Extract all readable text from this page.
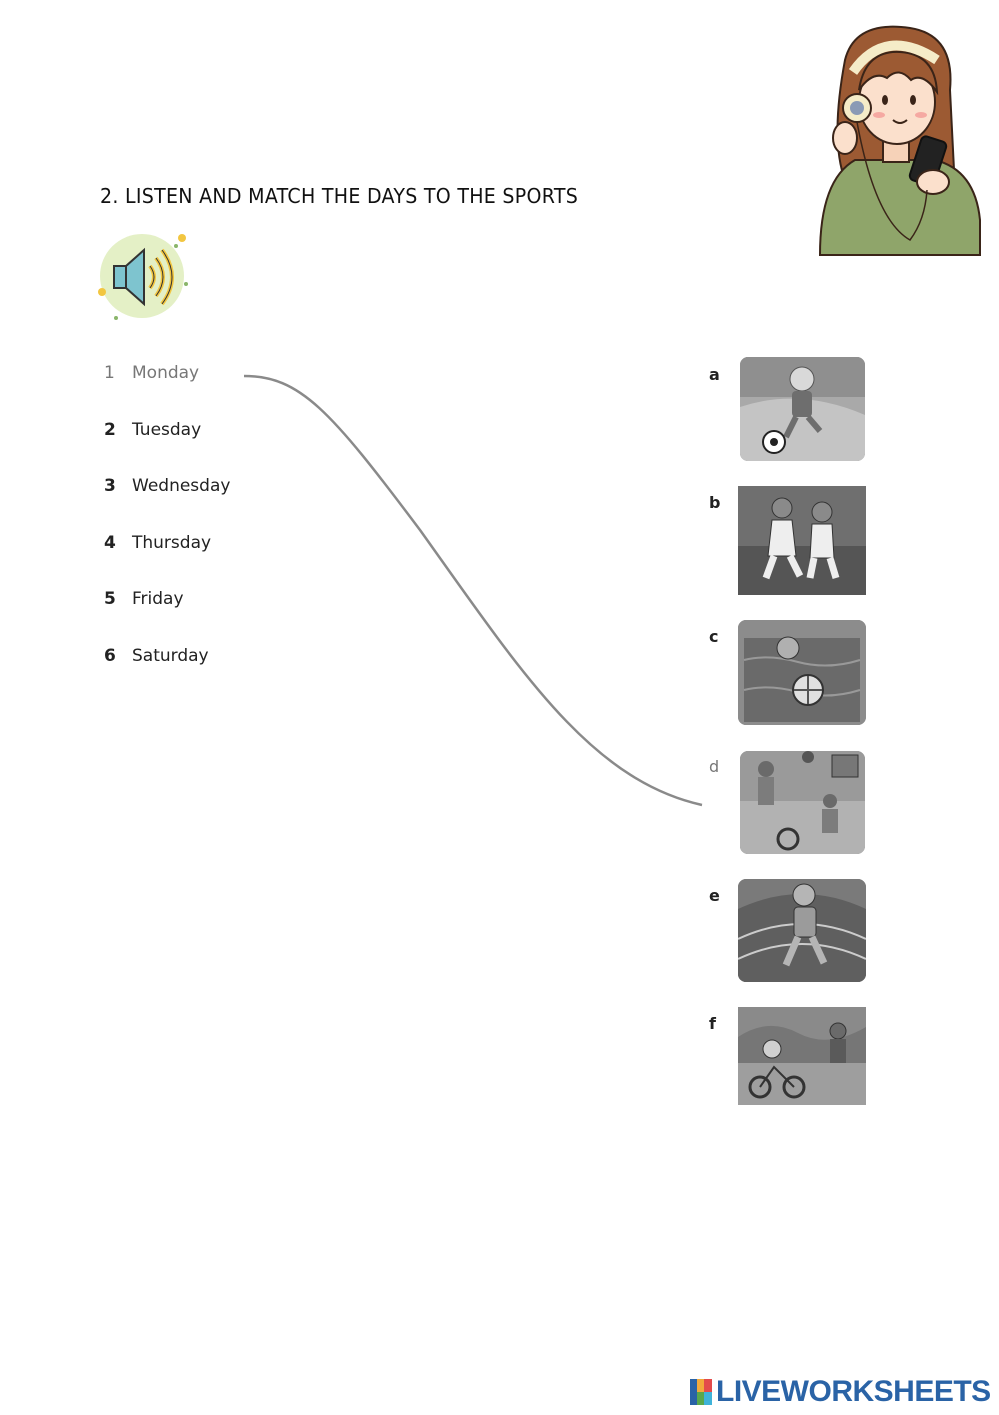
2. LISTEN AND MATCH THE DAYS TO THE SPORTS
1	Monday
2 Tuesday
3 Wednesday
4 Thursday
5 Friday
6 Saturday
a
b
c
d
e
f
LIVEWORKSHEETS
